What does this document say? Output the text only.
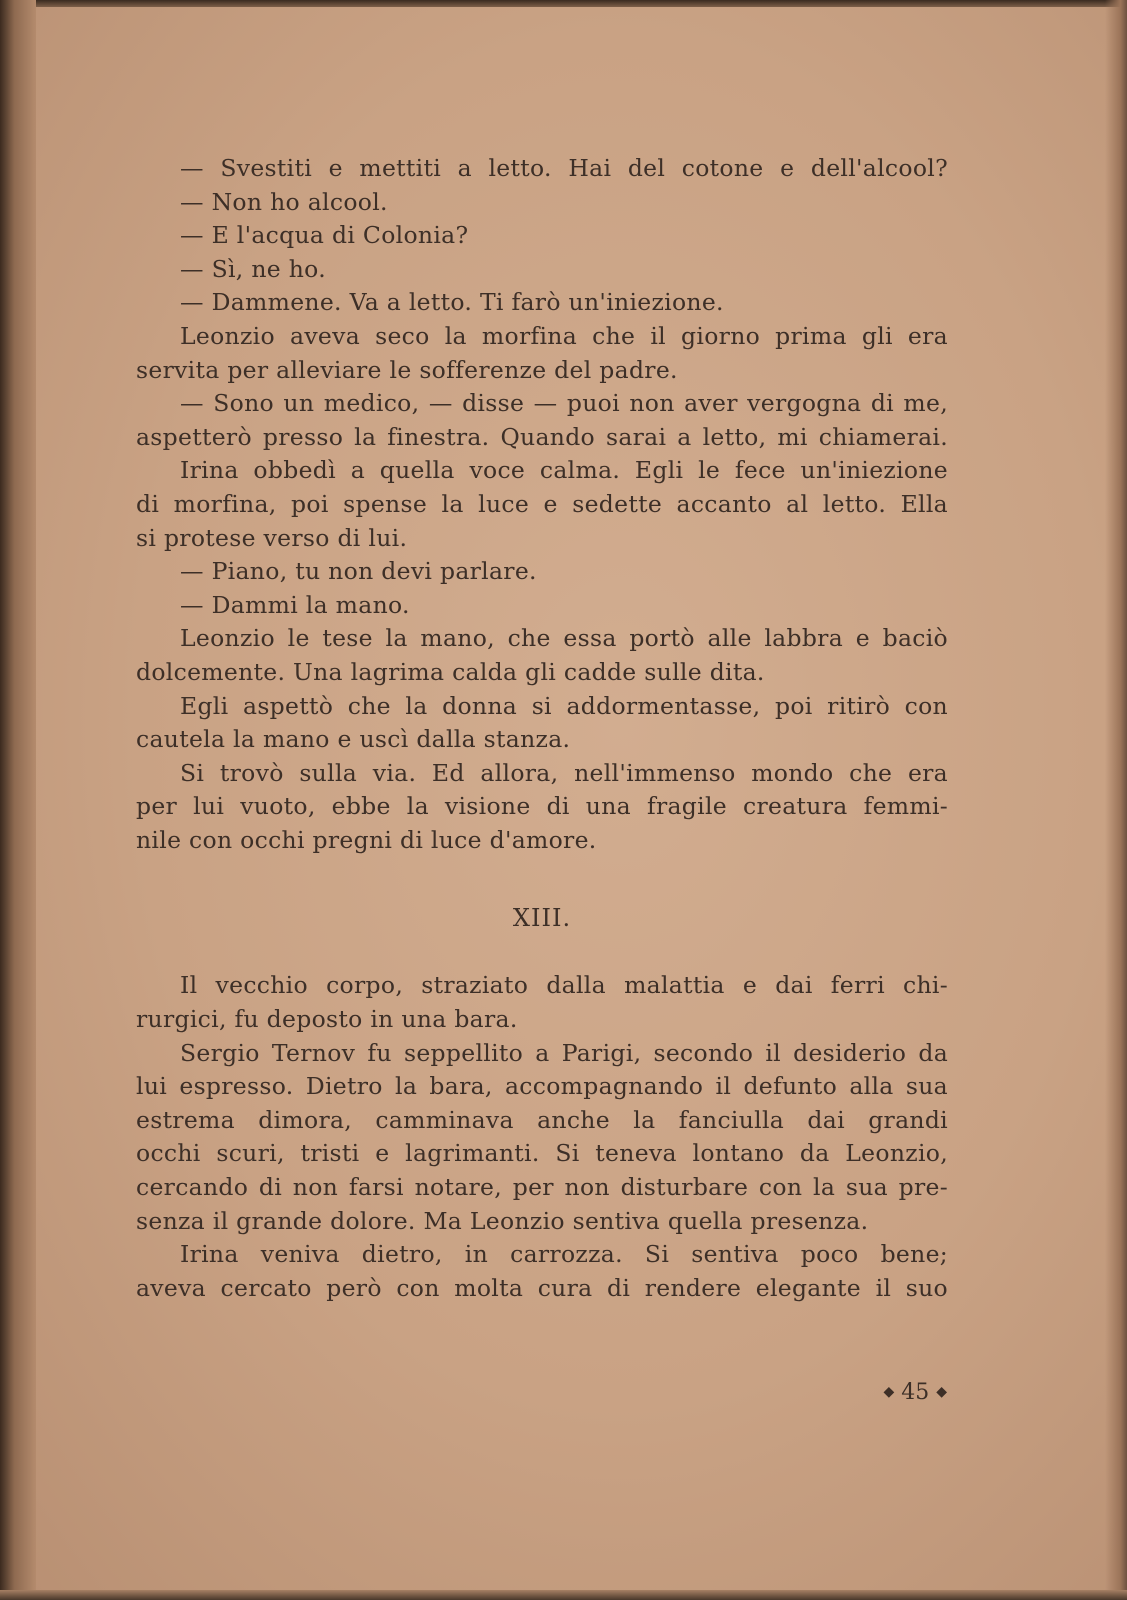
— Svestiti e mettiti a letto. Hai del cotone e dell'alcool?
— Non ho alcool.
— E l'acqua di Colonia?
— Sì, ne ho.
— Dammene. Va a letto. Ti farò un'iniezione.
Leonzio aveva seco la morfina che il giorno prima gli era
servita per alleviare le sofferenze del padre.
— Sono un medico, — disse — puoi non aver vergogna di me,
aspetterò presso la finestra. Quando sarai a letto, mi chiamerai.
Irina obbedì a quella voce calma. Egli le fece un'iniezione
di morfina, poi spense la luce e sedette accanto al letto. Ella
si protese verso di lui.
— Piano, tu non devi parlare.
— Dammi la mano.
Leonzio le tese la mano, che essa portò alle labbra e baciò
dolcemente. Una lagrima calda gli cadde sulle dita.
Egli aspettò che la donna si addormentasse, poi ritirò con
cautela la mano e uscì dalla stanza.
Si trovò sulla via. Ed allora, nell'immenso mondo che era
per lui vuoto, ebbe la visione di una fragile creatura femmi-
nile con occhi pregni di luce d'amore.
XIII.
Il vecchio corpo, straziato dalla malattia e dai ferri chi-
rurgici, fu deposto in una bara.
Sergio Ternov fu seppellito a Parigi, secondo il desiderio da
lui espresso. Dietro la bara, accompagnando il defunto alla sua
estrema dimora, camminava anche la fanciulla dai grandi
occhi scuri, tristi e lagrimanti. Si teneva lontano da Leonzio,
cercando di non farsi notare, per non disturbare con la sua pre-
senza il grande dolore. Ma Leonzio sentiva quella presenza.
Irina veniva dietro, in carrozza. Si sentiva poco bene;
aveva cercato però con molta cura di rendere elegante il suo
◆ 45 ◆
